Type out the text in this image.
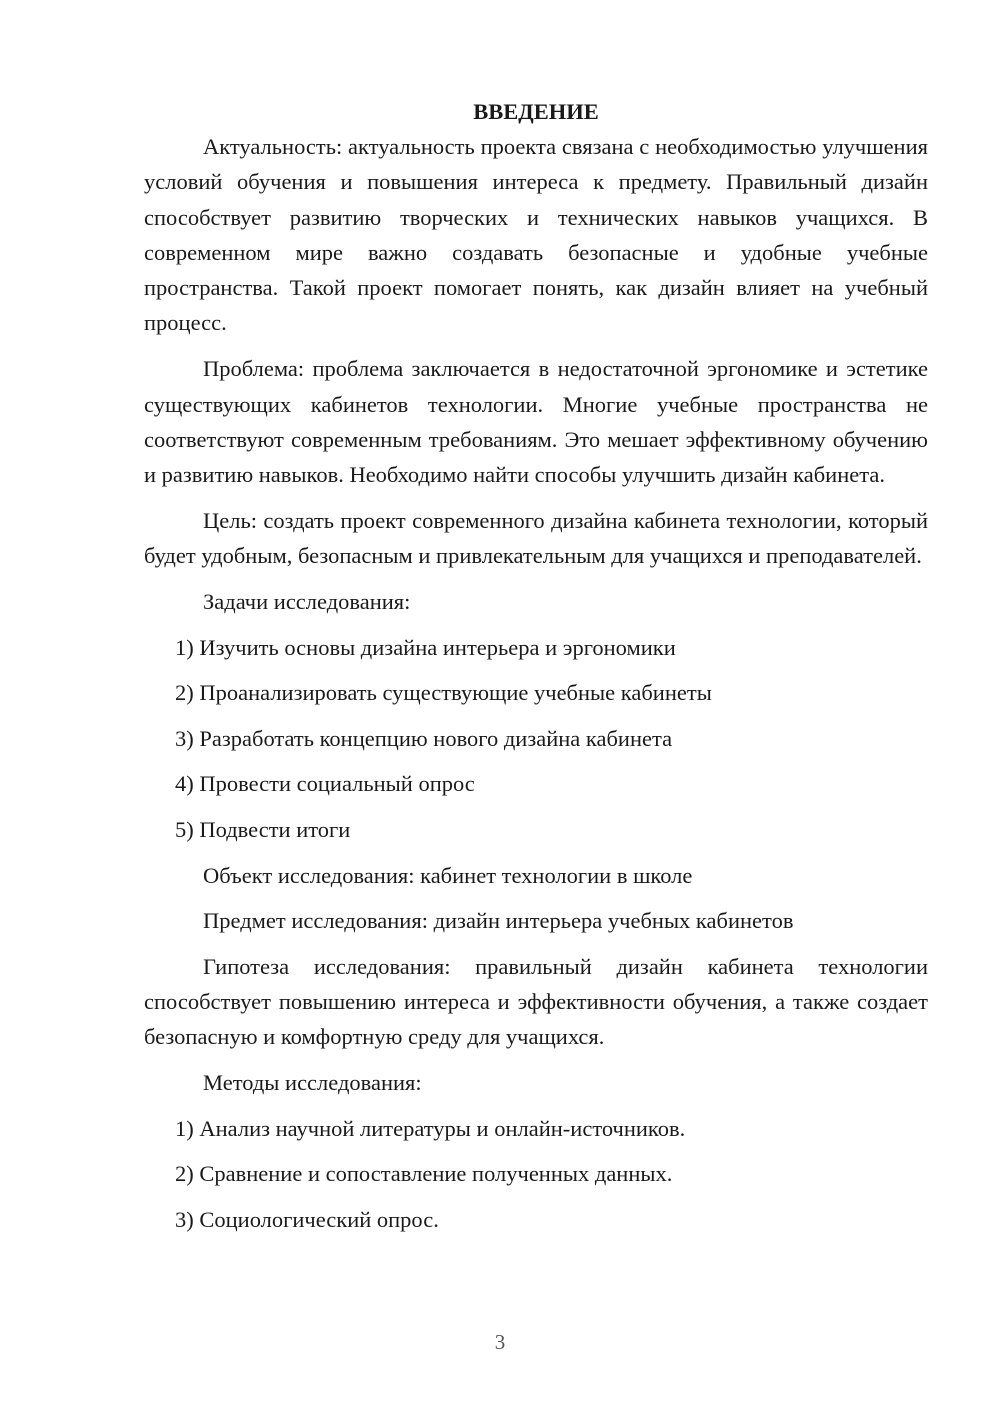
ВВЕДЕНИЕ

Актуальность: актуальность проекта связана с необходимостью улучшения условий обучения и повышения интереса к предмету. Правильный дизайн способствует развитию творческих и технических навыков учащихся. В современном мире важно создавать безопасные и удобные учебные пространства. Такой проект помогает понять, как дизайн влияет на учебный процесс.

Проблема: проблема заключается в недостаточной эргономике и эстетике существующих кабинетов технологии. Многие учебные пространства не соответствуют современным требованиям. Это мешает эффективному обучению и развитию навыков. Необходимо найти способы улучшить дизайн кабинета.

Цель: создать проект современного дизайна кабинета технологии, который будет удобным, безопасным и привлекательным для учащихся и преподавателей.

Задачи исследования:

1) Изучить основы дизайна интерьера и эргономики

2) Проанализировать существующие учебные кабинеты

3) Разработать концепцию нового дизайна кабинета

4) Провести социальный опрос

5) Подвести итоги

Объект исследования: кабинет технологии в школе

Предмет исследования: дизайн интерьера учебных кабинетов

Гипотеза исследования: правильный дизайн кабинета технологии способствует повышению интереса и эффективности обучения, а также создает безопасную и комфортную среду для учащихся.

Методы исследования:

1) Анализ научной литературы и онлайн-источников.

2) Сравнение и сопоставление полученных данных.

3) Социологический опрос.

3
